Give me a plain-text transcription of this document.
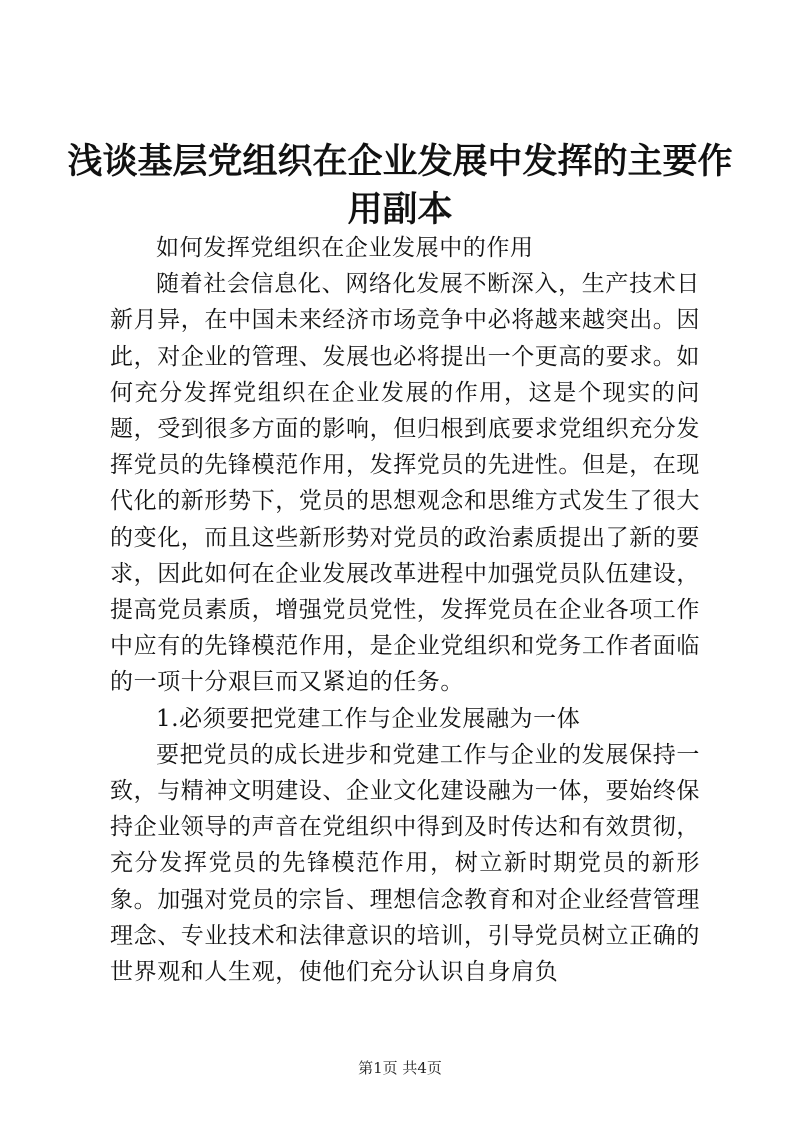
浅谈基层党组织在企业发展中发挥的主要作用副本

如何发挥党组织在企业发展中的作用

随着社会信息化、网络化发展不断深入，生产技术日新月异，在中国未来经济市场竞争中必将越来越突出。因此，对企业的管理、发展也必将提出一个更高的要求。如何充分发挥党组织在企业发展的作用，这是个现实的问题，受到很多方面的影响，但归根到底要求党组织充分发挥党员的先锋模范作用，发挥党员的先进性。但是，在现代化的新形势下，党员的思想观念和思维方式发生了很大的变化，而且这些新形势对党员的政治素质提出了新的要求，因此如何在企业发展改革进程中加强党员队伍建设，提高党员素质，增强党员党性，发挥党员在企业各项工作中应有的先锋模范作用，是企业党组织和党务工作者面临的一项十分艰巨而又紧迫的任务。

1.必须要把党建工作与企业发展融为一体

要把党员的成长进步和党建工作与企业的发展保持一致，与精神文明建设、企业文化建设融为一体，要始终保持企业领导的声音在党组织中得到及时传达和有效贯彻，充分发挥党员的先锋模范作用，树立新时期党员的新形象。加强对党员的宗旨、理想信念教育和对企业经营管理理念、专业技术和法律意识的培训，引导党员树立正确的世界观和人生观，使他们充分认识自身肩负

第1页 共4页
